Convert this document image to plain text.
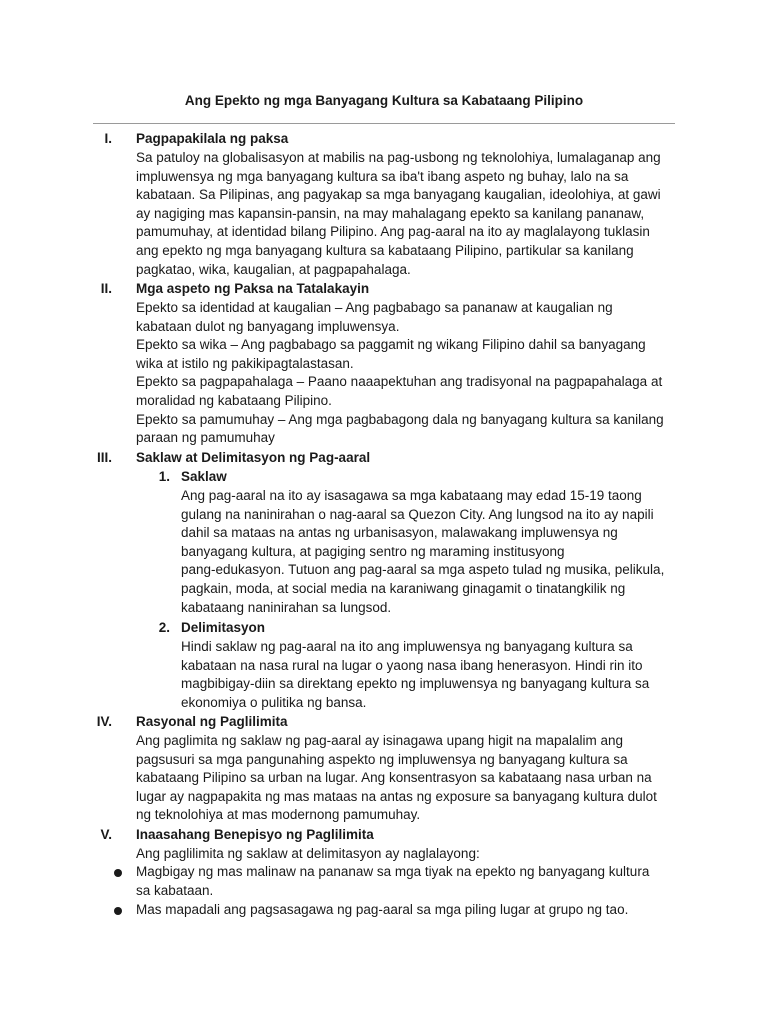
Ang Epekto ng mga Banyagang Kultura sa Kabataang Pilipino
I. Pagpapakilala ng paksa
Sa patuloy na globalisasyon at mabilis na pag-usbong ng teknolohiya, lumalaganap ang
impluwensya ng mga banyagang kultura sa iba't ibang aspeto ng buhay, lalo na sa
kabataan. Sa Pilipinas, ang pagyakap sa mga banyagang kaugalian, ideolohiya, at gawi
ay nagiging mas kapansin-pansin, na may mahalagang epekto sa kanilang pananaw,
pamumuhay, at identidad bilang Pilipino. Ang pag-aaral na ito ay maglalayong tuklasin
ang epekto ng mga banyagang kultura sa kabataang Pilipino, partikular sa kanilang
pagkatao, wika, kaugalian, at pagpapahalaga.
II. Mga aspeto ng Paksa na Tatalakayin
Epekto sa identidad at kaugalian – Ang pagbabago sa pananaw at kaugalian ng
kabataan dulot ng banyagang impluwensya.
Epekto sa wika – Ang pagbabago sa paggamit ng wikang Filipino dahil sa banyagang
wika at istilo ng pakikipagtalastasan.
Epekto sa pagpapahalaga – Paano naaapektuhan ang tradisyonal na pagpapahalaga at
moralidad ng kabataang Pilipino.
Epekto sa pamumuhay – Ang mga pagbabagong dala ng banyagang kultura sa kanilang
paraan ng pamumuhay
III. Saklaw at Delimitasyon ng Pag-aaral
1. Saklaw
Ang pag-aaral na ito ay isasagawa sa mga kabataang may edad 15-19 taong
gulang na naninirahan o nag-aaral sa Quezon City. Ang lungsod na ito ay napili
dahil sa mataas na antas ng urbanisasyon, malawakang impluwensya ng
banyagang kultura, at pagiging sentro ng maraming institusyong
pang-edukasyon. Tutuon ang pag-aaral sa mga aspeto tulad ng musika, pelikula,
pagkain, moda, at social media na karaniwang ginagamit o tinatangkilik ng
kabataang naninirahan sa lungsod.
2. Delimitasyon
Hindi saklaw ng pag-aaral na ito ang impluwensya ng banyagang kultura sa
kabataan na nasa rural na lugar o yaong nasa ibang henerasyon. Hindi rin ito
magbibigay-diin sa direktang epekto ng impluwensya ng banyagang kultura sa
ekonomiya o pulitika ng bansa.
IV. Rasyonal ng Paglilimita
Ang paglimita ng saklaw ng pag-aaral ay isinagawa upang higit na mapalalim ang
pagsusuri sa mga pangunahing aspekto ng impluwensya ng banyagang kultura sa
kabataang Pilipino sa urban na lugar. Ang konsentrasyon sa kabataang nasa urban na
lugar ay nagpapakita ng mas mataas na antas ng exposure sa banyagang kultura dulot
ng teknolohiya at mas modernong pamumuhay.
V. Inaasahang Benepisyo ng Paglilimita
Ang paglilimita ng saklaw at delimitasyon ay naglalayong:
Magbigay ng mas malinaw na pananaw sa mga tiyak na epekto ng banyagang kultura
sa kabataan.
Mas mapadali ang pagsasagawa ng pag-aaral sa mga piling lugar at grupo ng tao.
